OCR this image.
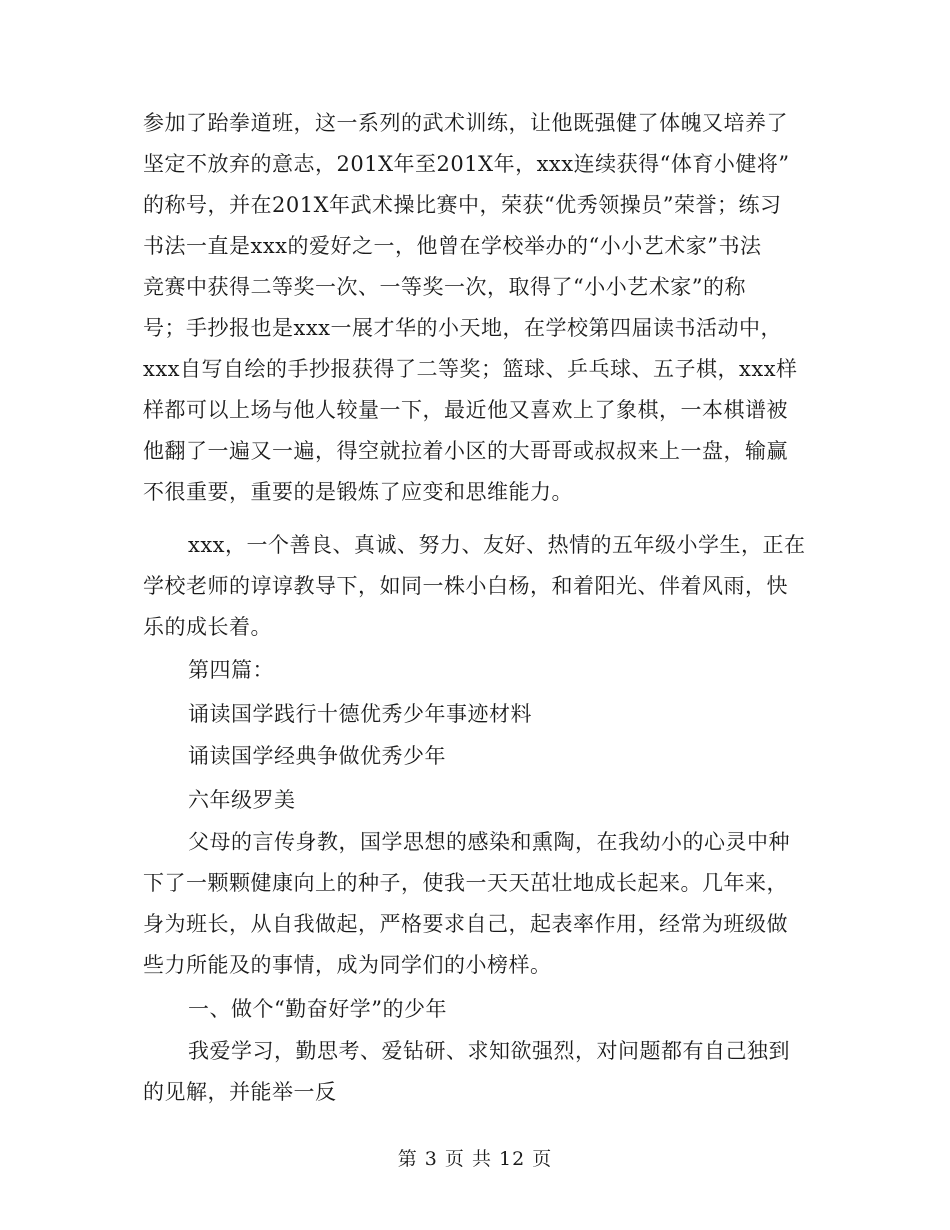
参加了跆拳道班，这一系列的武术训练，让他既强健了体魄又培养了
坚定不放弃的意志，201X年至201X年，xxx连续获得“体育小健将”
的称号，并在201X年武术操比赛中，荣获“优秀领操员”荣誉；练习
书法一直是xxx的爱好之一，他曾在学校举办的“小小艺术家”书法
竞赛中获得二等奖一次、一等奖一次，取得了“小小艺术家”的称
号；手抄报也是xxx一展才华的小天地，在学校第四届读书活动中，
xxx自写自绘的手抄报获得了二等奖；篮球、乒乓球、五子棋，xxx样
样都可以上场与他人较量一下，最近他又喜欢上了象棋，一本棋谱被
他翻了一遍又一遍，得空就拉着小区的大哥哥或叔叔来上一盘，输赢
不很重要，重要的是锻炼了应变和思维能力。
xxx，一个善良、真诚、努力、友好、热情的五年级小学生，正在
学校老师的谆谆教导下，如同一株小白杨，和着阳光、伴着风雨，快
乐的成长着。
第四篇：
诵读国学践行十德优秀少年事迹材料
诵读国学经典争做优秀少年
六年级罗美
父母的言传身教，国学思想的感染和熏陶，在我幼小的心灵中种
下了一颗颗健康向上的种子，使我一天天茁壮地成长起来。几年来，
身为班长，从自我做起，严格要求自己，起表率作用，经常为班级做
些力所能及的事情，成为同学们的小榜样。
一、做个“勤奋好学”的少年
我爱学习，勤思考、爱钻研、求知欲强烈，对问题都有自己独到
的见解，并能举一反
第 3 页 共 12 页
